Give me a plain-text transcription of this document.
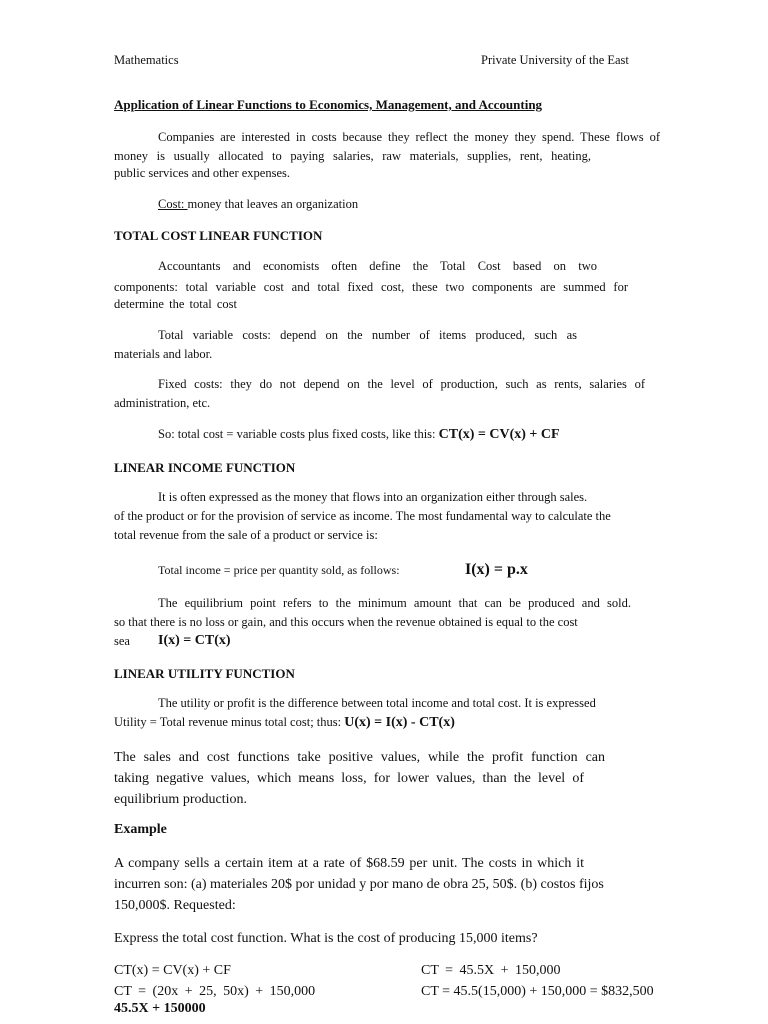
Mathematics	Private University of the East
Application of Linear Functions to Economics, Management, and Accounting
Companies are interested in costs because they reflect the money they spend. These flows of
money is usually allocated to paying salaries, raw materials, supplies, rent, heating,
public services and other expenses.
Cost: money that leaves an organization
TOTAL COST LINEAR FUNCTION
Accountants and economists often define the Total Cost based on two
components: total variable cost and total fixed cost, these two components are summed for
determine the total cost
Total variable costs: depend on the number of items produced, such as
materials and labor.
Fixed costs: they do not depend on the level of production, such as rents, salaries of
administration, etc.
So: total cost = variable costs plus fixed costs, like this: CT(x) = CV(x) + CF
LINEAR INCOME FUNCTION
It is often expressed as the money that flows into an organization either through sales.
of the product or for the provision of service as income. The most fundamental way to calculate the
total revenue from the sale of a product or service is:
Total income = price per quantity sold, as follows:	I(x) = p.x
The equilibrium point refers to the minimum amount that can be produced and sold.
so that there is no loss or gain, and this occurs when the revenue obtained is equal to the cost
sea I(x) = CT(x)
LINEAR UTILITY FUNCTION
The utility or profit is the difference between total income and total cost. It is expressed
Utility = Total revenue minus total cost; thus: U(x) = I(x) - CT(x)
The sales and cost functions take positive values, while the profit function can
taking negative values, which means loss, for lower values, than the level of
equilibrium production.
Example
A company sells a certain item at a rate of $68.59 per unit. The costs in which it
incurren son: (a) materiales 20$ por unidad y por mano de obra 25, 50$. (b) costos fijos
150,000$. Requested:
Express the total cost function. What is the cost of producing 15,000 items?
CT(x) = CV(x) + CF
CT = (20x + 25, 50x) + 150,000
45.5X + 150000
CT = 45.5X + 150,000
CT = 45.5(15,000) + 150,000 = $832,500
